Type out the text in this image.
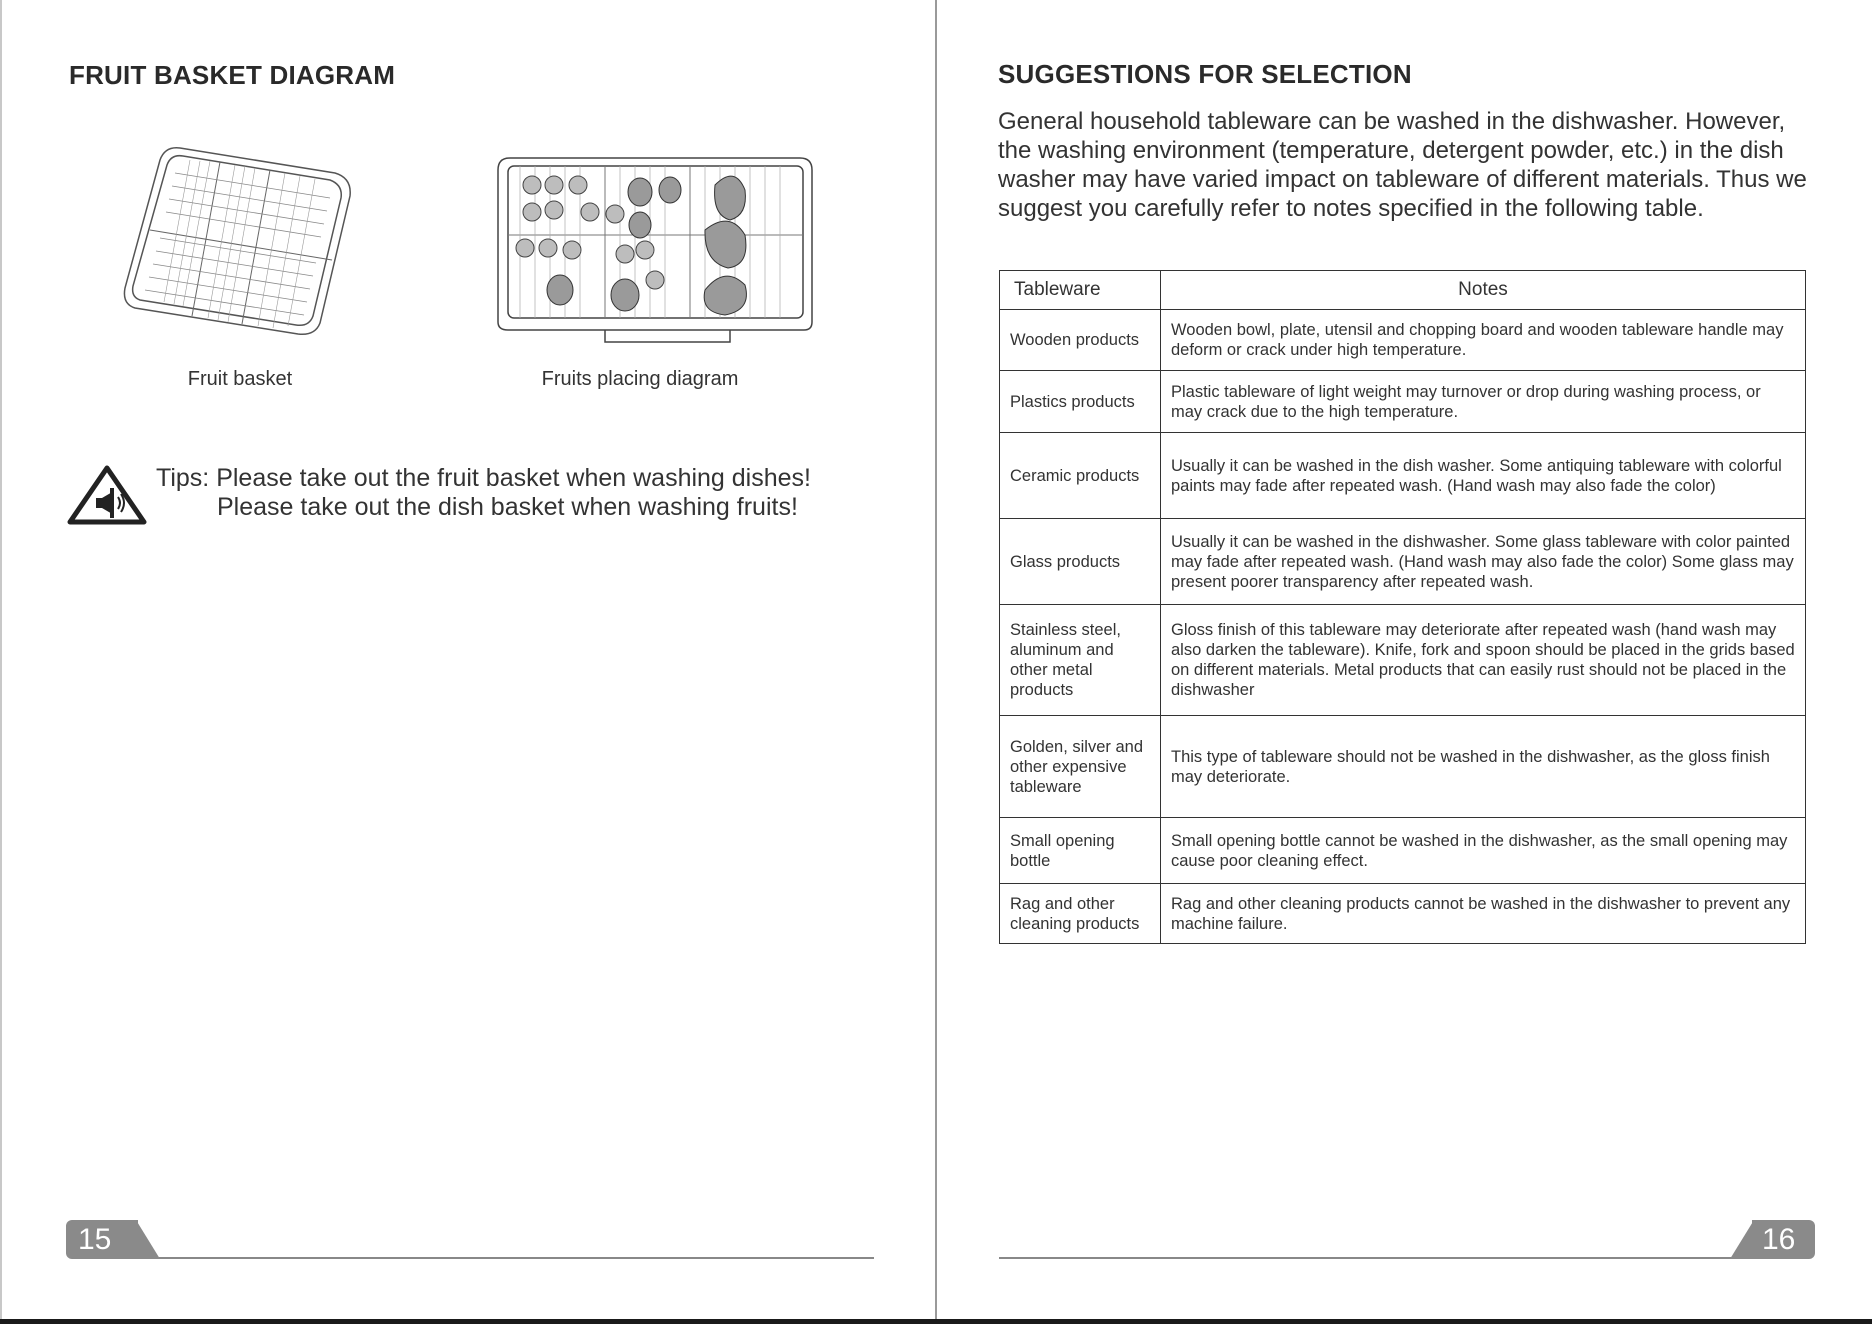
FRUIT BASKET DIAGRAM
Fruit basket	Fruits placing diagram
Tips: Please take out the fruit basket when washing dishes!
Please take out the dish basket when washing fruits!
15
SUGGESTIONS FOR SELECTION
General household tableware can be washed in the dishwasher. However, the washing environment (temperature, detergent powder, etc.) in the dish washer may have varied impact on tableware of different materials. Thus we suggest you carefully refer to notes specified in the following table.
Tableware	Notes
Wooden products	Wooden bowl, plate, utensil and chopping board and wooden tableware handle may deform or crack under high temperature.
Plastics products	Plastic tableware of light weight may turnover or drop during washing process, or may crack due to the high temperature.
Ceramic products	Usually it can be washed in the dish washer. Some antiquing tableware with colorful paints may fade after repeated wash. (Hand wash may also fade the color)
Glass products	Usually it can be washed in the dishwasher. Some glass tableware with color painted may fade after repeated wash. (Hand wash may also fade the color) Some glass may present poorer transparency after repeated wash.
Stainless steel, aluminum and other metal products	Gloss finish of this tableware may deteriorate after repeated wash (hand wash may also darken the tableware). Knife, fork and spoon should be placed in the grids based on different materials. Metal products that can easily rust should not be placed in the dishwasher
Golden, silver and other expensive tableware	This type of tableware should not be washed in the dishwasher, as the gloss finish may deteriorate.
Small opening bottle	Small opening bottle cannot be washed in the dishwasher, as the small opening may cause poor cleaning effect.
Rag and other cleaning products	Rag and other cleaning products cannot be washed in the dishwasher to prevent any machine failure.
16
